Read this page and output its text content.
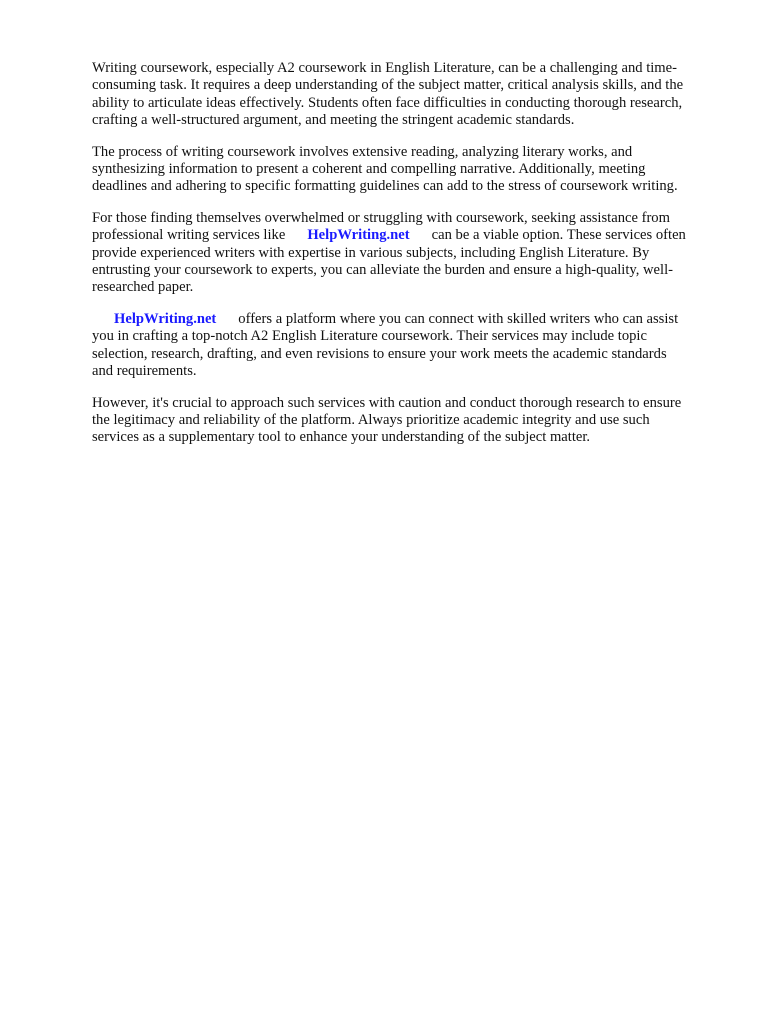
Writing coursework, especially A2 coursework in English Literature, can be a challenging and time-
consuming task. It requires a deep understanding of the subject matter, critical analysis skills, and the
ability to articulate ideas effectively. Students often face difficulties in conducting thorough research,
crafting a well-structured argument, and meeting the stringent academic standards.

The process of writing coursework involves extensive reading, analyzing literary works, and
synthesizing information to present a coherent and compelling narrative. Additionally, meeting
deadlines and adhering to specific formatting guidelines can add to the stress of coursework writing.

For those finding themselves overwhelmed or struggling with coursework, seeking assistance from
professional writing services like HelpWriting.net can be a viable option. These services often
provide experienced writers with expertise in various subjects, including English Literature. By
entrusting your coursework to experts, you can alleviate the burden and ensure a high-quality, well-
researched paper.

HelpWriting.net offers a platform where you can connect with skilled writers who can assist
you in crafting a top-notch A2 English Literature coursework. Their services may include topic
selection, research, drafting, and even revisions to ensure your work meets the academic standards
and requirements.

However, it's crucial to approach such services with caution and conduct thorough research to ensure
the legitimacy and reliability of the platform. Always prioritize academic integrity and use such
services as a supplementary tool to enhance your understanding of the subject matter.
